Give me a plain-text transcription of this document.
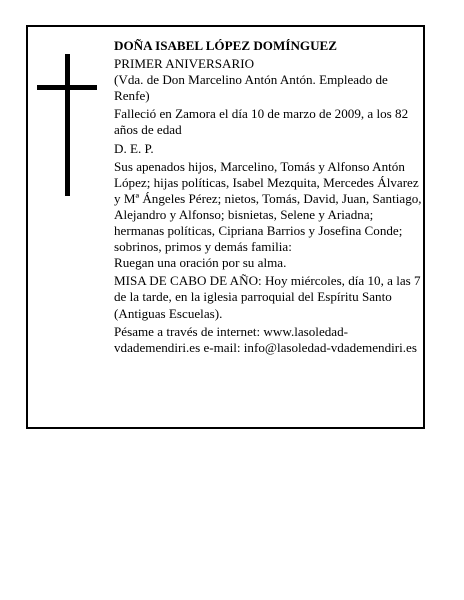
DOÑA ISABEL LÓPEZ DOMÍNGUEZ

PRIMER ANIVERSARIO

(Vda. de Don Marcelino Antón Antón. Empleado de Renfe)

Falleció en Zamora el día 10 de marzo de 2009, a los 82 años de edad

D. E. P.

Sus apenados hijos, Marcelino, Tomás y Alfonso Antón López; hijas políticas, Isabel Mezquita, Mercedes Álvarez y Mª Ángeles Pérez; nietos, Tomás, David, Juan, Santiago, Alejandro y Alfonso; bisnietas, Selene y Ariadna; hermanas políticas, Cipriana Barrios y Josefina Conde; sobrinos, primos y demás familia:

Ruegan una oración por su alma.

MISA DE CABO DE AÑO: Hoy miércoles, día 10, a las 7 de la tarde, en la iglesia parroquial del Espíritu Santo (Antiguas Escuelas).

Pésame a través de internet: www.lasoledad-vdademendiri.es e-mail: info@lasoledad-vdademendiri.es
